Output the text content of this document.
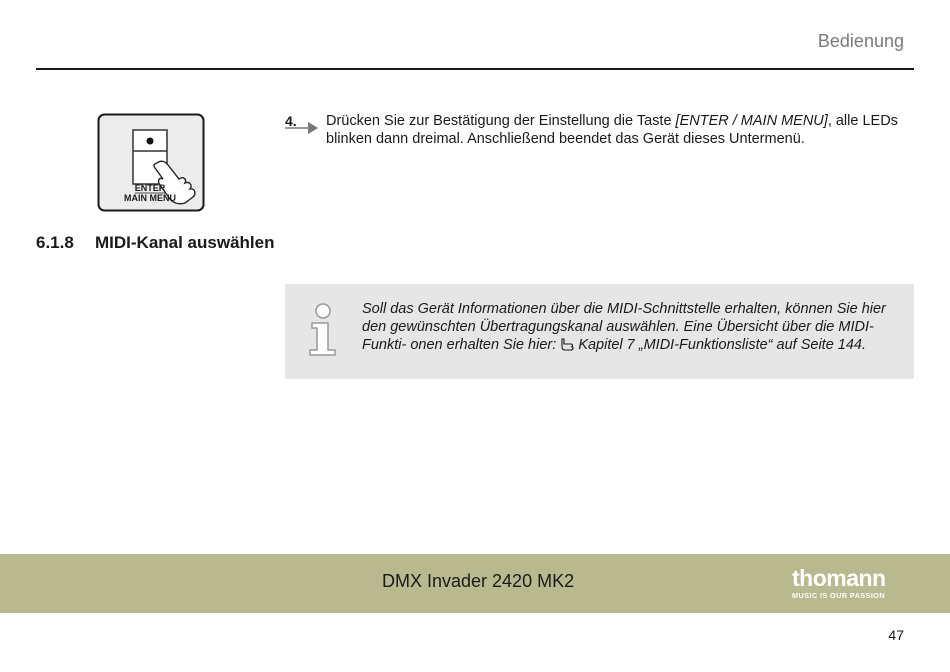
Bedienung
ENTER
MAIN MENU
4. Drücken Sie zur Bestätigung der Einstellung die Taste [ENTER / MAIN MENU], alle LEDs blinken dann dreimal. Anschließend beendet das Gerät dieses Untermenü.
6.1.8 MIDI-Kanal auswählen
Soll das Gerät Informationen über die MIDI-Schnittstelle erhalten, können Sie hier den gewünschten Übertragungskanal auswählen. Eine Übersicht über die MIDI-Funkti- onen erhalten Sie hier: Kapitel 7 „MIDI-Funktionsliste“ auf Seite 144.
DMX Invader 2420 MK2	thomann
MUSIC IS OUR PASSION
47
